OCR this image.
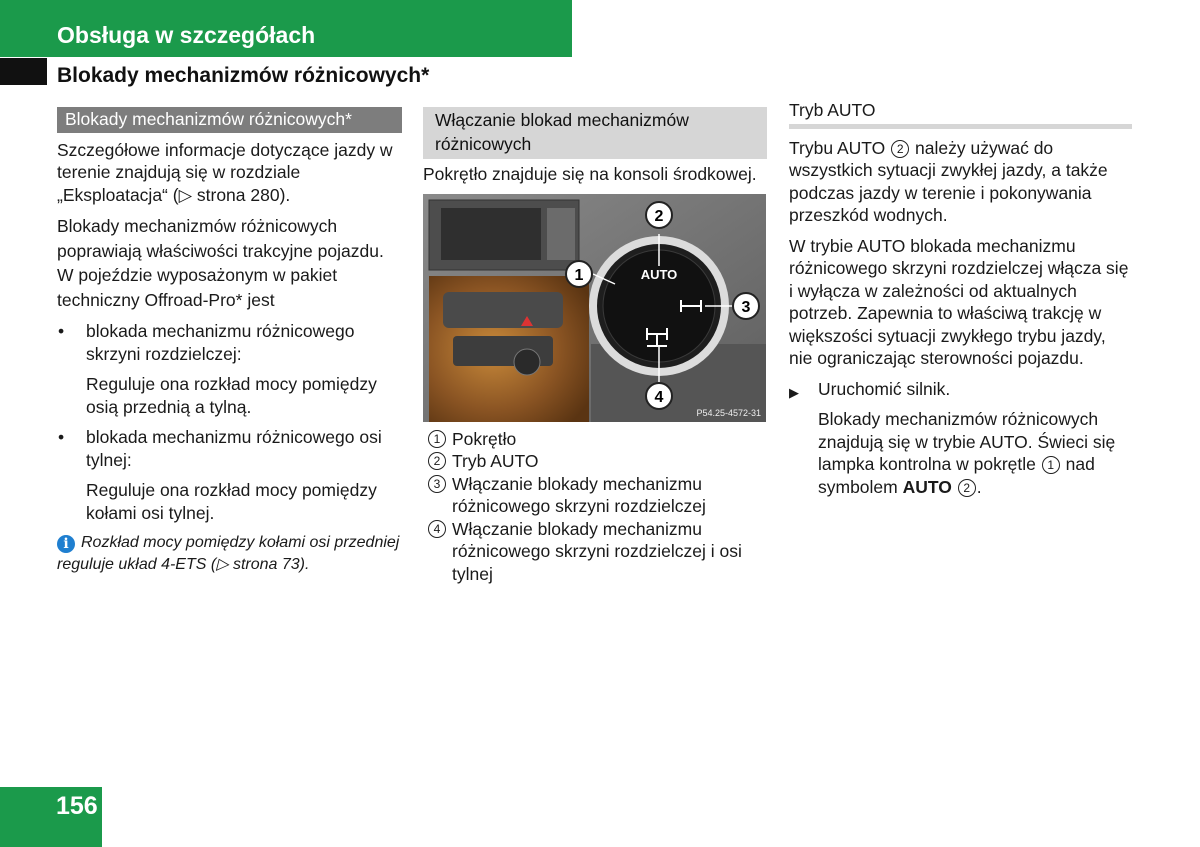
Obsługa w szczegółach
Blokady mechanizmów różnicowych*
Blokady mechanizmów różnicowych*

Szczegółowe informacje dotyczące jazdy w terenie znajdują się w rozdziale „Eksploatacja“ (▷ strona 280).

Blokady mechanizmów różnicowych poprawiają właściwości trakcyjne pojazdu. W pojeździe wyposażonym w pakiet techniczny Offroad-Pro* jest

• blokada mechanizmu różnicowego skrzyni rozdzielczej:

Reguluje ona rozkład mocy pomiędzy osią przednią a tylną.

• blokada mechanizmu różnicowego osi tylnej:

Reguluje ona rozkład mocy pomiędzy kołami osi tylnej.

i Rozkład mocy pomiędzy kołami osi przedniej reguluje układ 4-ETS (▷ strona 73).
Włączanie blokad mechanizmów różnicowych

Pokrętło znajduje się na konsoli środkowej.

AUTO
1
2
3
4
P54.25-4572-31
1 Pokrętło
2 Tryb AUTO
3 Włączanie blokady mechanizmu różnicowego skrzyni rozdzielczej
4 Włączanie blokady mechanizmu różnicowego skrzyni rozdzielczej i osi tylnej
Tryb AUTO

Trybu AUTO 2 należy używać do wszystkich sytuacji zwykłej jazdy, a także podczas jazdy w terenie i pokonywania przeszkód wodnych.

W trybie AUTO blokada mechanizmu różnicowego skrzyni rozdzielczej włącza się i wyłącza w zależności od aktualnych potrzeb. Zapewnia to właściwą trakcję w większości sytuacji zwykłego trybu jazdy, nie ograniczając sterowności pojazdu.

▶ Uruchomić silnik.

Blokady mechanizmów różnicowych znajdują się w trybie AUTO. Świeci się lampka kontrolna w pokrętle 1 nad symbolem AUTO 2 .

156
